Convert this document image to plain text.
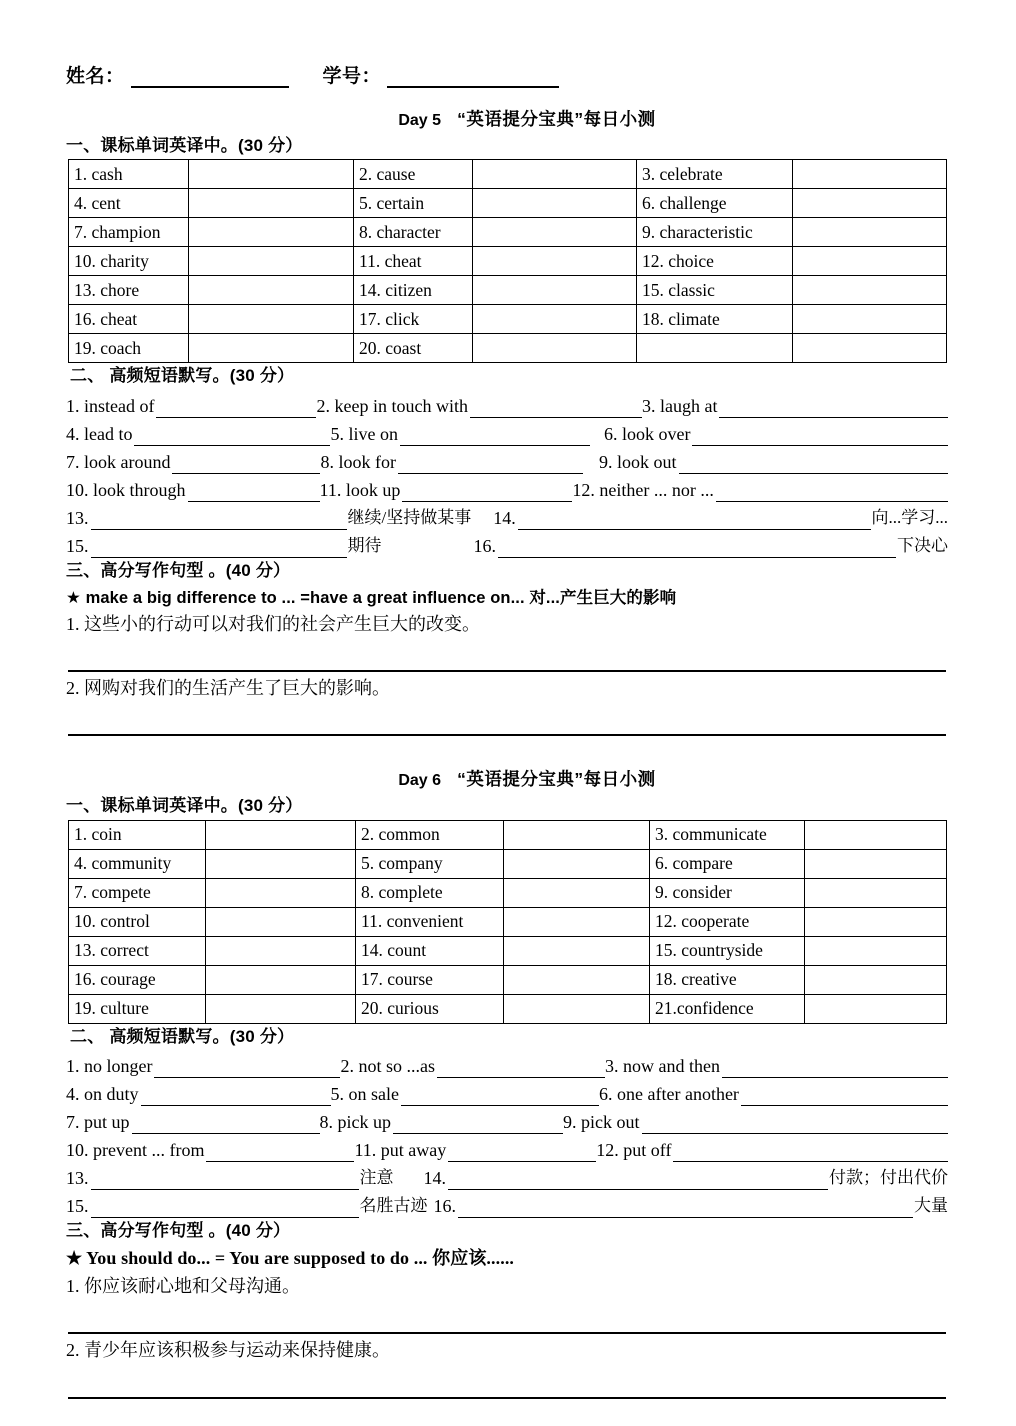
姓名：	学号：
Day 5 “英语提分宝典”每日小测
一、课标单词英译中。(30 分）
1. cash		2. cause		3. celebrate	
4. cent		5. certain		6. challenge	
7. champion		8. character		9. characteristic	
10. charity		11. cheat		12. choice	
13. chore		14. citizen		15. classic	
16. cheat		17. click		18. climate	
19. coach		20. coast			
二、 高频短语默写。(30 分）
1. instead of	2. keep in touch with	3. laugh at
4. lead to	5. live on	6. look over
7. look around	8. look for	9. look out
10. look through	11. look up	12. neither ... nor ...
13.	继续/坚持做某事 14.	向...学习...
15.	期待	16.	下决心
三、高分写作句型 。(40 分）
★ make a big difference to ... =have a great influence on... 对...产生巨大的影响
1. 这些小的行动可以对我们的社会产生巨大的改变。
2. 网购对我们的生活产生了巨大的影响。
Day 6 “英语提分宝典”每日小测
一、课标单词英译中。(30 分）
1. coin		2. common		3. communicate	
4. community		5. company		6. compare	
7. compete		8. complete		9. consider	
10. control		11. convenient		12. cooperate	
13. correct		14. count		15. countryside	
16. courage		17. course		18. creative	
19. culture		20. curious		21.confidence	
二、 高频短语默写。(30 分）
1. no longer	2. not so ...as	3. now and then
4. on duty	5. on sale	6. one after another
7. put up	8. pick up	9. pick out
10. prevent ... from	11. put away	12. put off
13.	注意 14.	付款；付出代价
15.	名胜古迹 16.	大量
三、高分写作句型 。(40 分）
★ You should do... = You are supposed to do ... 你应该......
1. 你应该耐心地和父母沟通。
2. 青少年应该积极参与运动来保持健康。
